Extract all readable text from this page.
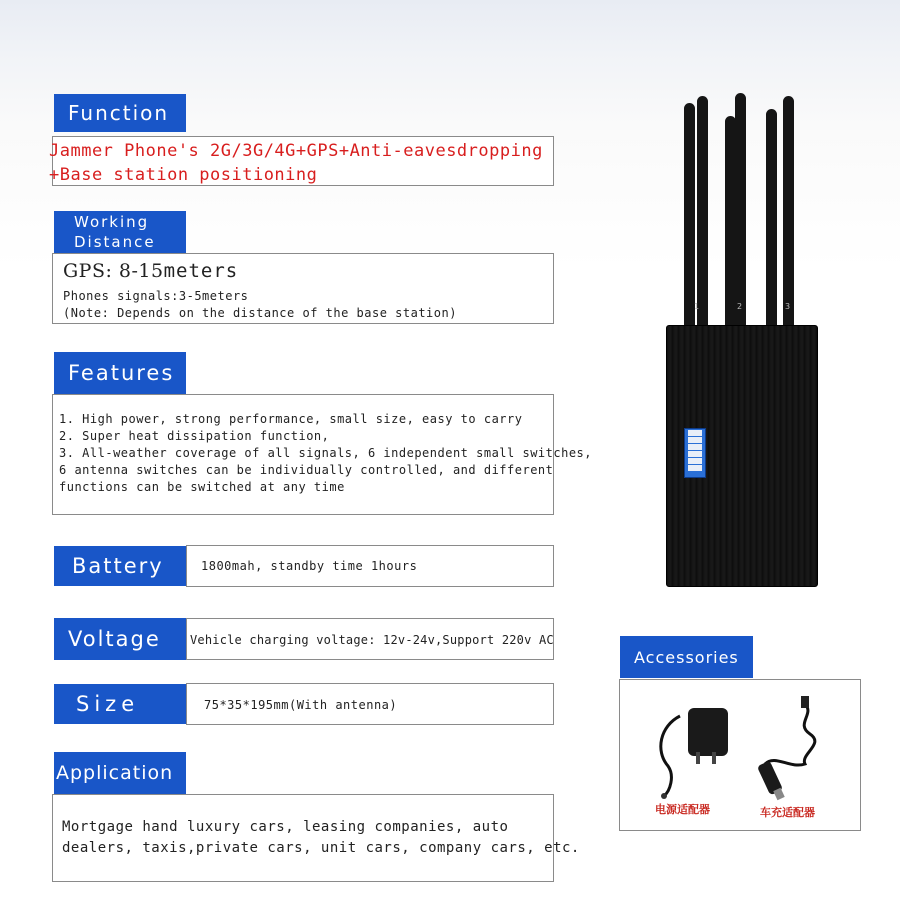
Function
Jammer Phone's 2G/3G/4G+GPS+Anti-eavesdropping
+Base station positioning
Working
Distance
GPS: 8-15meters
Phones signals:3-5meters
(Note: Depends on the distance of the base station)
Features
1. High power, strong performance, small size, easy to carry
2. Super heat dissipation function,
3. All-weather coverage of all signals, 6 independent small switches,
6 antenna switches can be individually controlled, and different
functions can be switched at any time
Battery	1800mah, standby time 1hours
Voltage	Vehicle charging voltage: 12v-24v,Support 220v AC
Size	75*35*195mm(With antenna)
Application
Mortgage hand luxury cars, leasing companies, auto
dealers, taxis,private cars, unit cars, company cars, etc.
1	2	3
Accessories
电源适配器	车充适配器
